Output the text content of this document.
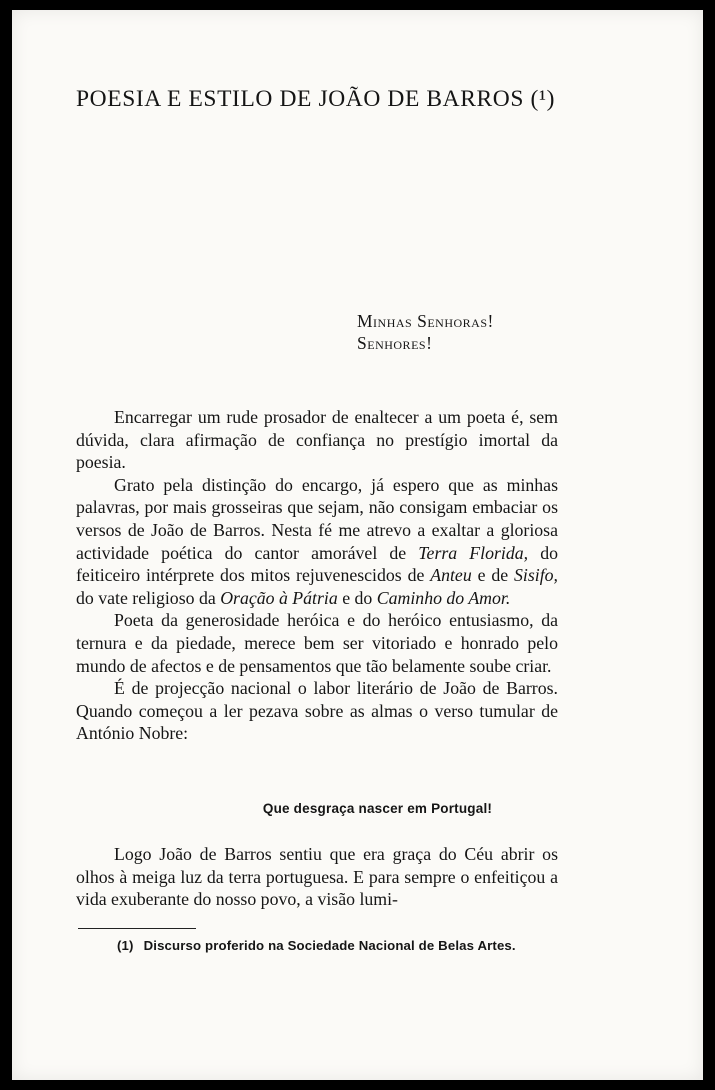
POESIA E ESTILO DE JOÃO DE BARROS (¹)
Minhas Senhoras!
Senhores!

Encarregar um rude prosador de enaltecer a um poeta é, sem dúvida, clara afirmação de confiança no prestígio imortal da poesia.

Grato pela distinção do encargo, já espero que as minhas palavras, por mais grosseiras que sejam, não consigam embaciar os versos de João de Barros. Nesta fé me atrevo a exaltar a gloriosa actividade poética do cantor amorável de Terra Florida, do feiticeiro intérprete dos mitos rejuvenescidos de Anteu e de Sisifo, do vate religioso da Oração à Pátria e do Caminho do Amor.

Poeta da generosidade heróica e do heróico entusiasmo, da ternura e da piedade, merece bem ser vitoriado e honrado pelo mundo de afectos e de pensamentos que tão belamente soube criar.

É de projecção nacional o labor literário de João de Barros. Quando começou a ler pezava sobre as almas o verso tumular de António Nobre:

Que desgraça nascer em Portugal!

Logo João de Barros sentiu que era graça do Céu abrir os olhos à meiga luz da terra portuguesa. E para sempre o enfeitiçou a vida exuberante do nosso povo, a visão lumi-

(1) Discurso proferido na Sociedade Nacional de Belas Artes.
